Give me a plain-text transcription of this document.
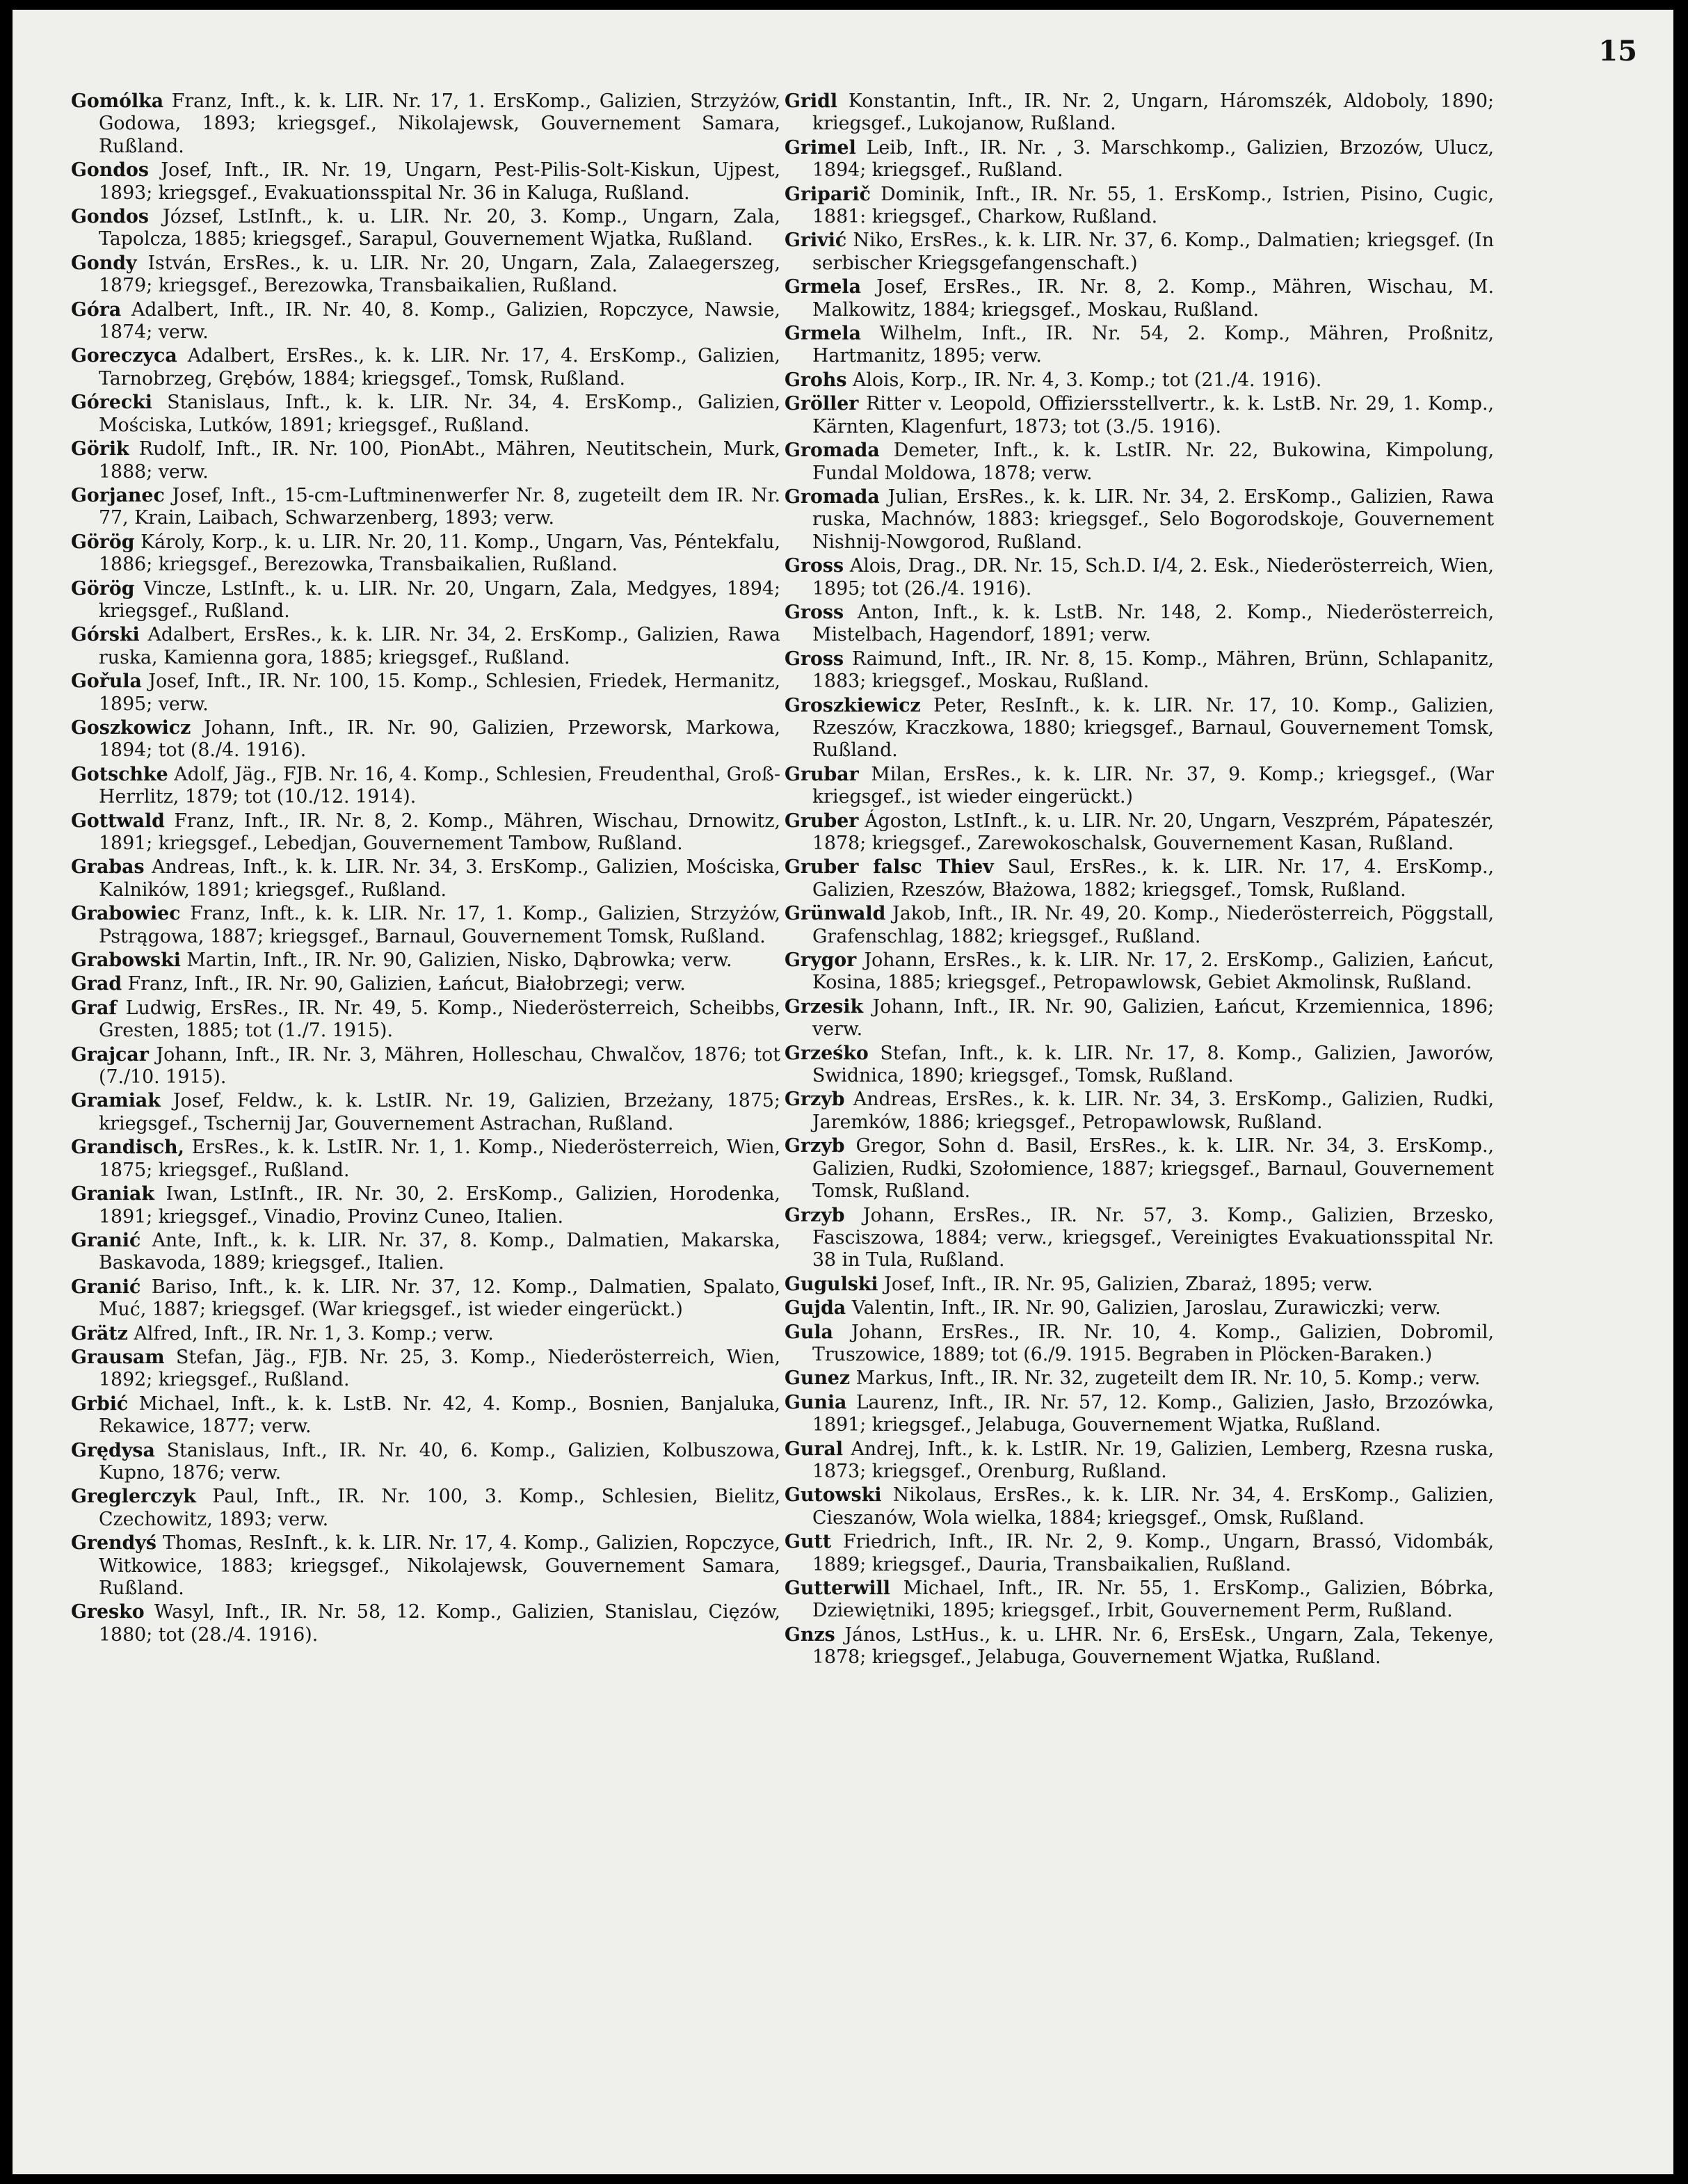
15
Gomólka Franz, Inft., k. k. LIR. Nr. 17, 1. ErsKomp., Galizien, Strzyżów, Godowa, 1893; kriegsgef., Nikolajewsk, Gouvernement Samara, Rußland.
Gondos Josef, Inft., IR. Nr. 19, Ungarn, Pest-Pilis-Solt-Kiskun, Ujpest, 1893; kriegsgef., Evakuationsspital Nr. 36 in Kaluga, Rußland.
Gondos József, LstInft., k. u. LIR. Nr. 20, 3. Komp., Ungarn, Zala, Tapolcza, 1885; kriegsgef., Sarapul, Gouvernement Wjatka, Rußland.
Gondy István, ErsRes., k. u. LIR. Nr. 20, Ungarn, Zala, Zalaegerszeg, 1879; kriegsgef., Berezowka, Transbaikalien, Rußland.
Góra Adalbert, Inft., IR. Nr. 40, 8. Komp., Galizien, Ropczyce, Nawsie, 1874; verw.
Goreczyca Adalbert, ErsRes., k. k. LIR. Nr. 17, 4. ErsKomp., Galizien, Tarnobrzeg, Grębów, 1884; kriegsgef., Tomsk, Rußland.
Górecki Stanislaus, Inft., k. k. LIR. Nr. 34, 4. ErsKomp., Galizien, Mościska, Lutków, 1891; kriegsgef., Rußland.
Görik Rudolf, Inft., IR. Nr. 100, PionAbt., Mähren, Neutitschein, Murk, 1888; verw.
Gorjanec Josef, Inft., 15-cm-Luftminenwerfer Nr. 8, zugeteilt dem IR. Nr. 77, Krain, Laibach, Schwarzenberg, 1893; verw.
Görög Károly, Korp., k. u. LIR. Nr. 20, 11. Komp., Ungarn, Vas, Péntekfalu, 1886; kriegsgef., Berezowka, Transbaikalien, Rußland.
Görög Vincze, LstInft., k. u. LIR. Nr. 20, Ungarn, Zala, Medgyes, 1894; kriegsgef., Rußland.
Górski Adalbert, ErsRes., k. k. LIR. Nr. 34, 2. ErsKomp., Galizien, Rawa ruska, Kamienna gora, 1885; kriegsgef., Rußland.
Gořula Josef, Inft., IR. Nr. 100, 15. Komp., Schlesien, Friedek, Hermanitz, 1895; verw.
Goszkowicz Johann, Inft., IR. Nr. 90, Galizien, Przeworsk, Markowa, 1894; tot (8./4. 1916).
Gotschke Adolf, Jäg., FJB. Nr. 16, 4. Komp., Schlesien, Freudenthal, Groß-Herrlitz, 1879; tot (10./12. 1914).
Gottwald Franz, Inft., IR. Nr. 8, 2. Komp., Mähren, Wischau, Drnowitz, 1891; kriegsgef., Lebedjan, Gouvernement Tambow, Rußland.
Grabas Andreas, Inft., k. k. LIR. Nr. 34, 3. ErsKomp., Galizien, Mościska, Kalników, 1891; kriegsgef., Rußland.
Grabowiec Franz, Inft., k. k. LIR. Nr. 17, 1. Komp., Galizien, Strzyżów, Pstrągowa, 1887; kriegsgef., Barnaul, Gouvernement Tomsk, Rußland.
Grabowski Martin, Inft., IR. Nr. 90, Galizien, Nisko, Dąbrowka; verw.
Grad Franz, Inft., IR. Nr. 90, Galizien, Łańcut, Białobrzegi; verw.
Graf Ludwig, ErsRes., IR. Nr. 49, 5. Komp., Niederösterreich, Scheibbs, Gresten, 1885; tot (1./7. 1915).
Grajcar Johann, Inft., IR. Nr. 3, Mähren, Holleschau, Chwalčov, 1876; tot (7./10. 1915).
Gramiak Josef, Feldw., k. k. LstIR. Nr. 19, Galizien, Brzeżany, 1875; kriegsgef., Tschernij Jar, Gouvernement Astrachan, Rußland.
Grandisch, ErsRes., k. k. LstIR. Nr. 1, 1. Komp., Niederösterreich, Wien, 1875; kriegsgef., Rußland.
Graniak Iwan, LstInft., IR. Nr. 30, 2. ErsKomp., Galizien, Horodenka, 1891; kriegsgef., Vinadio, Provinz Cuneo, Italien.
Granić Ante, Inft., k. k. LIR. Nr. 37, 8. Komp., Dalmatien, Makarska, Baskavoda, 1889; kriegsgef., Italien.
Granić Bariso, Inft., k. k. LIR. Nr. 37, 12. Komp., Dalmatien, Spalato, Muć, 1887; kriegsgef. (War kriegsgef., ist wieder eingerückt.)
Grätz Alfred, Inft., IR. Nr. 1, 3. Komp.; verw.
Grausam Stefan, Jäg., FJB. Nr. 25, 3. Komp., Niederösterreich, Wien, 1892; kriegsgef., Rußland.
Grbić Michael, Inft., k. k. LstB. Nr. 42, 4. Komp., Bosnien, Banjaluka, Rekawice, 1877; verw.
Grędysa Stanislaus, Inft., IR. Nr. 40, 6. Komp., Galizien, Kolbuszowa, Kupno, 1876; verw.
Greglerczyk Paul, Inft., IR. Nr. 100, 3. Komp., Schlesien, Bielitz, Czechowitz, 1893; verw.
Grendyś Thomas, ResInft., k. k. LIR. Nr. 17, 4. Komp., Galizien, Ropczyce, Witkowice, 1883; kriegsgef., Nikolajewsk, Gouvernement Samara, Rußland.
Gresko Wasyl, Inft., IR. Nr. 58, 12. Komp., Galizien, Stanislau, Cięzów, 1880; tot (28./4. 1916).
Gridl Konstantin, Inft., IR. Nr. 2, Ungarn, Háromszék, Aldoboly, 1890; kriegsgef., Lukojanow, Rußland.
Grimel Leib, Inft., IR. Nr. , 3. Marschkomp., Galizien, Brzozów, Ulucz, 1894; kriegsgef., Rußland.
Griparič Dominik, Inft., IR. Nr. 55, 1. ErsKomp., Istrien, Pisino, Cugic, 1881: kriegsgef., Charkow, Rußland.
Grivić Niko, ErsRes., k. k. LIR. Nr. 37, 6. Komp., Dalmatien; kriegsgef. (In serbischer Kriegsgefangenschaft.)
Grmela Josef, ErsRes., IR. Nr. 8, 2. Komp., Mähren, Wischau, M. Malkowitz, 1884; kriegsgef., Moskau, Rußland.
Grmela Wilhelm, Inft., IR. Nr. 54, 2. Komp., Mähren, Proßnitz, Hartmanitz, 1895; verw.
Grohs Alois, Korp., IR. Nr. 4, 3. Komp.; tot (21./4. 1916).
Gröller Ritter v. Leopold, Offiziersstellvertr., k. k. LstB. Nr. 29, 1. Komp., Kärnten, Klagenfurt, 1873; tot (3./5. 1916).
Gromada Demeter, Inft., k. k. LstIR. Nr. 22, Bukowina, Kimpolung, Fundal Moldowa, 1878; verw.
Gromada Julian, ErsRes., k. k. LIR. Nr. 34, 2. ErsKomp., Galizien, Rawa ruska, Machnów, 1883: kriegsgef., Selo Bogorodskoje, Gouvernement Nishnij-Nowgorod, Rußland.
Gross Alois, Drag., DR. Nr. 15, Sch.D. I/4, 2. Esk., Niederösterreich, Wien, 1895; tot (26./4. 1916).
Gross Anton, Inft., k. k. LstB. Nr. 148, 2. Komp., Niederösterreich, Mistelbach, Hagendorf, 1891; verw.
Gross Raimund, Inft., IR. Nr. 8, 15. Komp., Mähren, Brünn, Schlapanitz, 1883; kriegsgef., Moskau, Rußland.
Groszkiewicz Peter, ResInft., k. k. LIR. Nr. 17, 10. Komp., Galizien, Rzeszów, Kraczkowa, 1880; kriegsgef., Barnaul, Gouvernement Tomsk, Rußland.
Grubar Milan, ErsRes., k. k. LIR. Nr. 37, 9. Komp.; kriegsgef., (War kriegsgef., ist wieder eingerückt.)
Gruber Ágoston, LstInft., k. u. LIR. Nr. 20, Ungarn, Veszprém, Pápateszér, 1878; kriegsgef., Zarewokoschalsk, Gouvernement Kasan, Rußland.
Gruber falsc Thiev Saul, ErsRes., k. k. LIR. Nr. 17, 4. ErsKomp., Galizien, Rzeszów, Błażowa, 1882; kriegsgef., Tomsk, Rußland.
Grünwald Jakob, Inft., IR. Nr. 49, 20. Komp., Niederösterreich, Pöggstall, Grafenschlag, 1882; kriegsgef., Rußland.
Grygor Johann, ErsRes., k. k. LIR. Nr. 17, 2. ErsKomp., Galizien, Łańcut, Kosina, 1885; kriegsgef., Petropawlowsk, Gebiet Akmolinsk, Rußland.
Grzesik Johann, Inft., IR. Nr. 90, Galizien, Łańcut, Krzemiennica, 1896; verw.
Grześko Stefan, Inft., k. k. LIR. Nr. 17, 8. Komp., Galizien, Jaworów, Swidnica, 1890; kriegsgef., Tomsk, Rußland.
Grzyb Andreas, ErsRes., k. k. LIR. Nr. 34, 3. ErsKomp., Galizien, Rudki, Jaremków, 1886; kriegsgef., Petropawlowsk, Rußland.
Grzyb Gregor, Sohn d. Basil, ErsRes., k. k. LIR. Nr. 34, 3. ErsKomp., Galizien, Rudki, Szołomience, 1887; kriegsgef., Barnaul, Gouvernement Tomsk, Rußland.
Grzyb Johann, ErsRes., IR. Nr. 57, 3. Komp., Galizien, Brzesko, Fasciszowa, 1884; verw., kriegsgef., Vereinigtes Evakuationsspital Nr. 38 in Tula, Rußland.
Gugulski Josef, Inft., IR. Nr. 95, Galizien, Zbaraż, 1895; verw.
Gujda Valentin, Inft., IR. Nr. 90, Galizien, Jaroslau, Zurawiczki; verw.
Gula Johann, ErsRes., IR. Nr. 10, 4. Komp., Galizien, Dobromil, Truszowice, 1889; tot (6./9. 1915. Begraben in Plöcken-Baraken.)
Gunez Markus, Inft., IR. Nr. 32, zugeteilt dem IR. Nr. 10, 5. Komp.; verw.
Gunia Laurenz, Inft., IR. Nr. 57, 12. Komp., Galizien, Jasło, Brzozówka, 1891; kriegsgef., Jelabuga, Gouvernement Wjatka, Rußland.
Gural Andrej, Inft., k. k. LstIR. Nr. 19, Galizien, Lemberg, Rzesna ruska, 1873; kriegsgef., Orenburg, Rußland.
Gutowski Nikolaus, ErsRes., k. k. LIR. Nr. 34, 4. ErsKomp., Galizien, Cieszanów, Wola wielka, 1884; kriegsgef., Omsk, Rußland.
Gutt Friedrich, Inft., IR. Nr. 2, 9. Komp., Ungarn, Brassó, Vidombák, 1889; kriegsgef., Dauria, Transbaikalien, Rußland.
Gutterwill Michael, Inft., IR. Nr. 55, 1. ErsKomp., Galizien, Bóbrka, Dziewiętniki, 1895; kriegsgef., Irbit, Gouvernement Perm, Rußland.
Gnzs János, LstHus., k. u. LHR. Nr. 6, ErsEsk., Ungarn, Zala, Tekenye, 1878; kriegsgef., Jelabuga, Gouvernement Wjatka, Rußland.
